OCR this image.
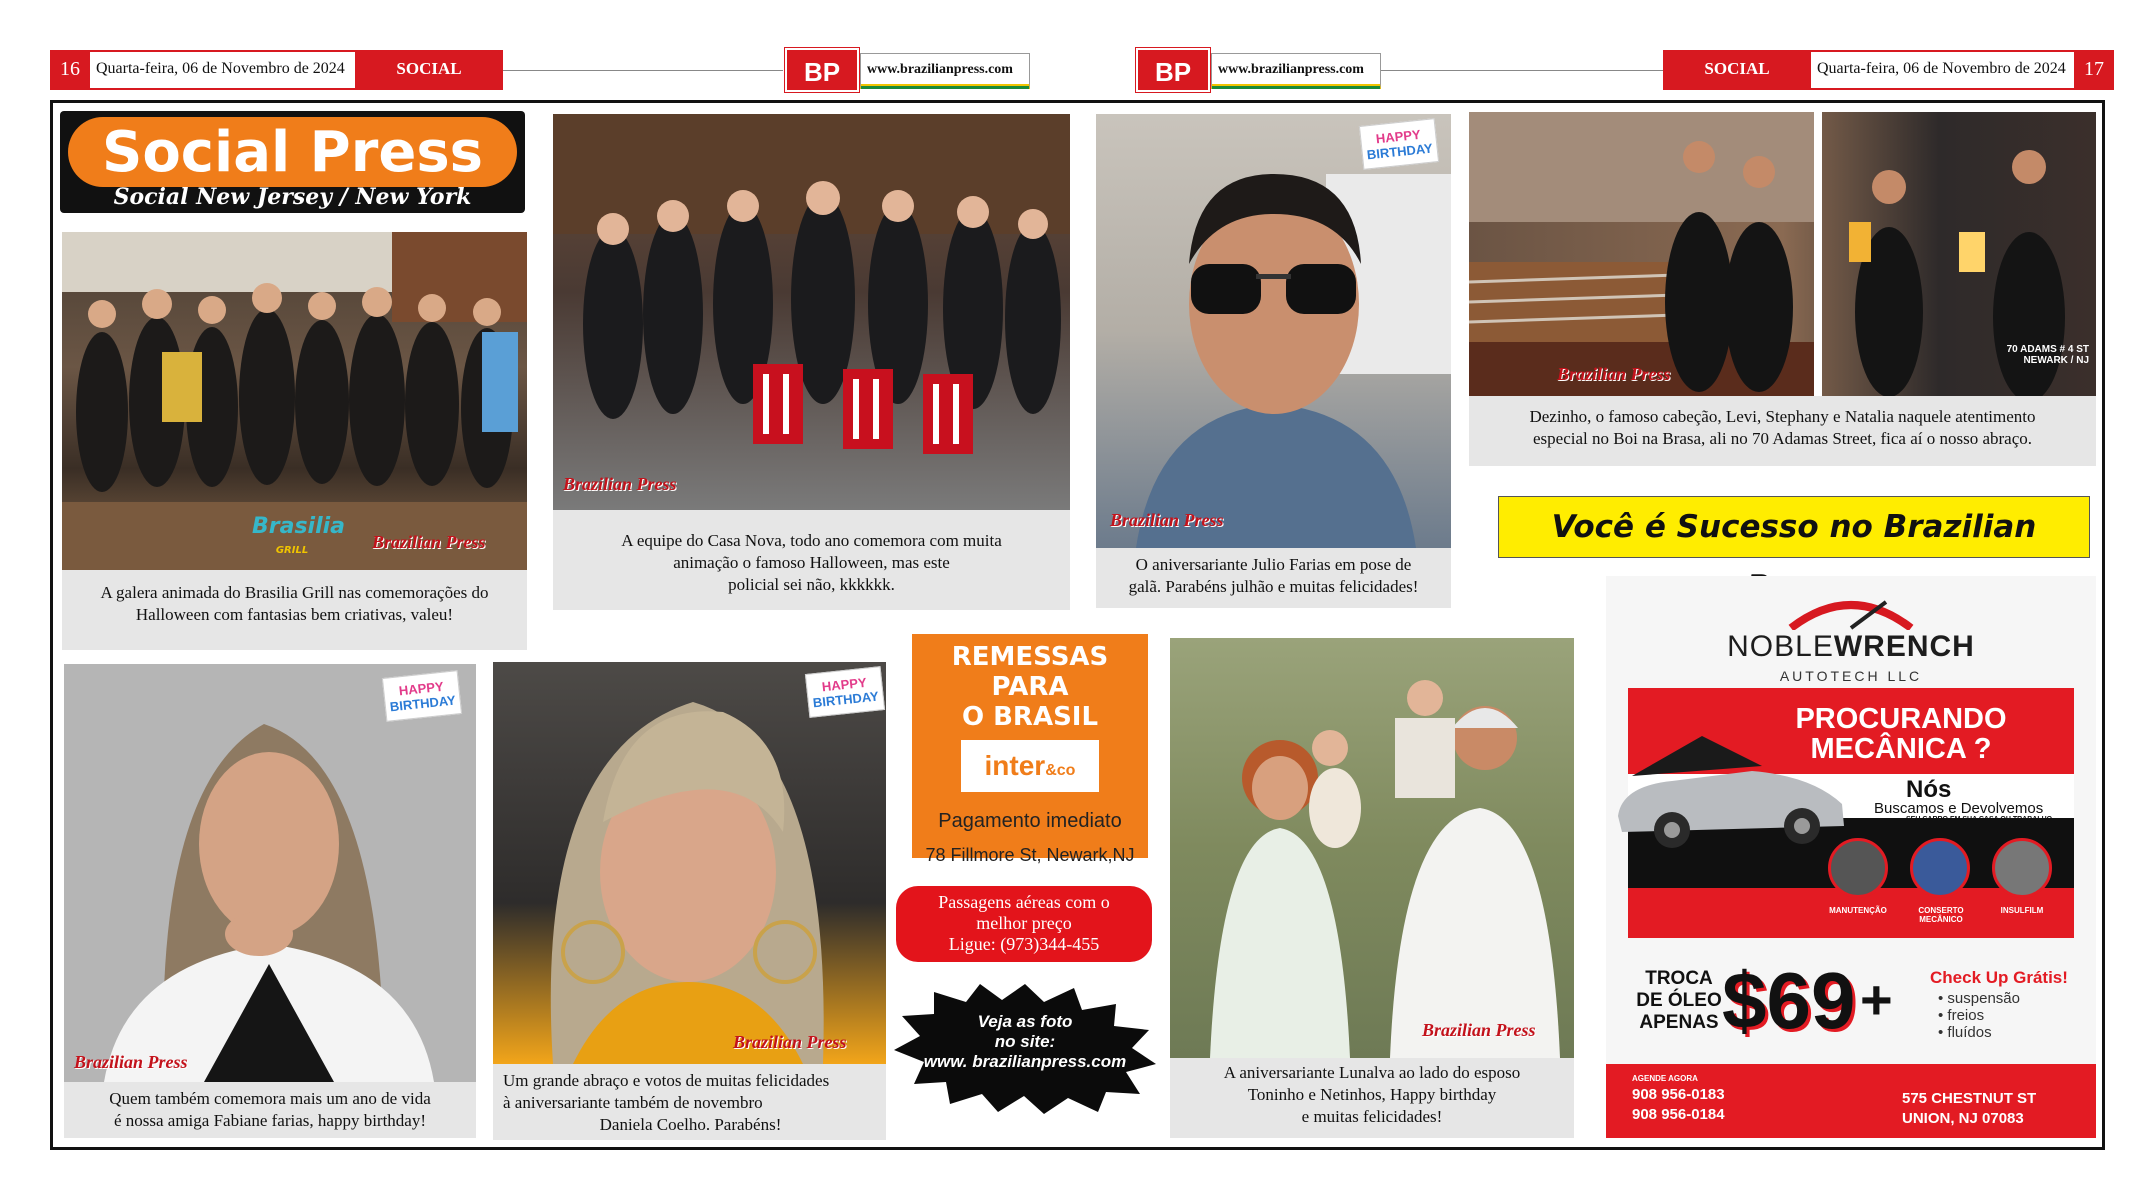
16	Quarta-feira, 06 de Novembro de 2024	SOCIAL	BP	www.brazilianpress.com	BP	www.brazilianpress.com	SOCIAL	Quarta-feira, 06 de Novembro de 2024 17
Social Press
Social New Jersey / New York
Brasilia
GRILL	Brazilian Press
A galera animada do Brasilia Grill nas comemorações do
Halloween com fantasias bem criativas, valeu!
Brazilian Press
A equipe do Casa Nova, todo ano comemora com muita
animação o famoso Halloween, mas este
policial sei não, kkkkkk.
HAPPY
BIRTHDAY
Brazilian Press
O aniversariante Julio Farias em pose de
galã. Parabéns julhão e muitas felicidades!
70 ADAMS # 4 ST
NEWARK / NJ
Brazilian Press
Dezinho, o famoso cabeção, Levi, Stephany e Natalia naquele atentimento
especial no Boi na Brasa, ali no 70 Adamas Street, fica aí o nosso abraço.
Você é Sucesso no Brazilian
HAPPY
BIRTHDAY
Brazilian Press
Quem também comemora mais um ano de vida
é nossa amiga Fabiane farias, happy birthday!
HAPPY
BIRTHDAY
Brazilian Press
Um grande abraço e votos de muitas felicidades
à aniversariante também de novembro
Daniela Coelho. Parabéns!
REMESSAS PARA
O BRASIL
inter&co
Pagamento imediato
78 Fillmore St, Newark,NJ
Passagens aéreas com o
melhor preço
Ligue: (973)344-455
Veja as foto
no site:
www. brazilianpress.com
Brazilian Press
A aniversariante Lunalva ao lado do esposo
Toninho e Netinhos, Happy birthday
e muitas felicidades!
NOBLEWRENCH
AUTOTECH LLC
PROCURANDO
MECÂNICA ?
Nós
Buscamos e Devolvemos
SEU CARRO EM SUA CASA OU TRABALHO
MANUTENÇÃO	CONSERTO MECÂNICO
INSULFILM
TROCA
DE ÓLEO
APENAS $69 + Check Up Grátis!
• suspensão
• freios
• fluídos
AGENDE AGORA
908 956-0183
908 956-0184
575 CHESTNUT ST
UNION, NJ 07083
